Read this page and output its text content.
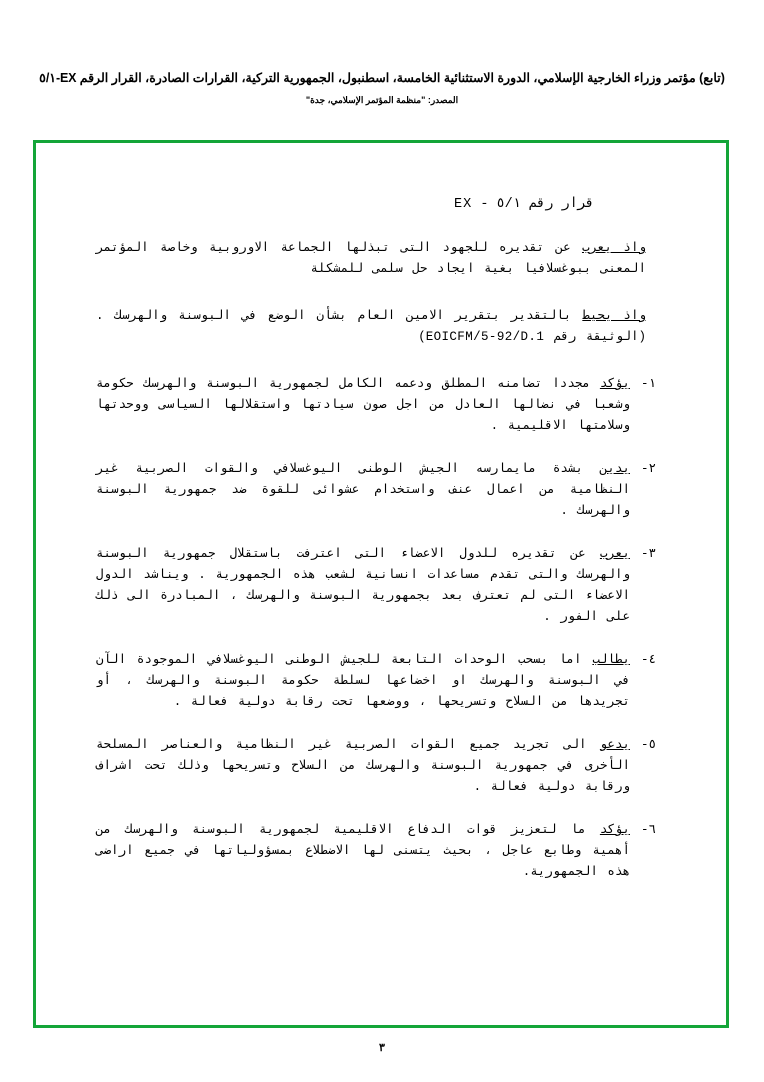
(تابع) مؤتمر وزراء الخارجية الإسلامي، الدورة الاستثنائية الخامسة، اسطنبول، الجمهورية التركية، القرارات الصادرة، القرار الرقم EX-٥/١
المصدر: "منظمة المؤتمر الإسلامي، جدة"
قرار رقم ٥/١ - EX
واذ يعرب عن تقديره للجهود التى تبذلها الجماعة الاوروبية وخاصة المؤتمر المعنى ببوغسلافيا بغية ايجاد حل سلمى للمشكلة
واذ يحيط بالتقدير بتقرير الامين العام بشأن الوضع في البوسنة والهرسك . (الوثيقة رقم EOICFM/5-92/D.1)
١-
يؤكد مجددا تضامنه المطلق ودعمه الكامل لجمهورية البوسنة والهرسك حكومة وشعبا في نضالها العادل من اجل صون سيادتها واستقلالها السياسى ووحدتها وسلامتها الاقليمية .
٢-
يدين بشدة مايمارسه الجيش الوطنى اليوغسلافي والقوات الصربية غير النظامية من اعمال عنف واستخدام عشوائى للقوة ضد جمهورية البوسنة والهرسك .
٣-
يعرب عن تقديره للدول الاعضاء التى اعترفت باستقلال جمهورية البوسنة والهرسك والتى تقدم مساعدات انسانية لشعب هذه الجمهورية . ويناشد الدول الاعضاء التى لم تعترف بعد بجمهورية البوسنة والهرسك ، المبادرة الى ذلك على الفور .
٤-
يطالب اما بسحب الوحدات التابعة للجيش الوطنى اليوغسلافي الموجودة الآن في البوسنة والهرسك او اخضاعها لسلطة حكومة البوسنة والهرسك ، أو تجريدها من السلاح وتسريحها ، ووضعها تحت رقابة دولية فعالة .
٥-
يدعو الى تجريد جميع القوات الصربية غير النظامية والعناصر المسلحة الأخرى في جمهورية البوسنة والهرسك من السلاح وتسريحها وذلك تحت اشراف ورقابة دولية فعالة .
٦-
يؤكد ما لتعزيز قوات الدفاع الاقليمية لجمهورية البوسنة والهرسك من أهمية وطابع عاجل ، بحيث يتسنى لها الاضطلاع بمسؤولياتها في جميع اراضى هذه الجمهورية.
٣
